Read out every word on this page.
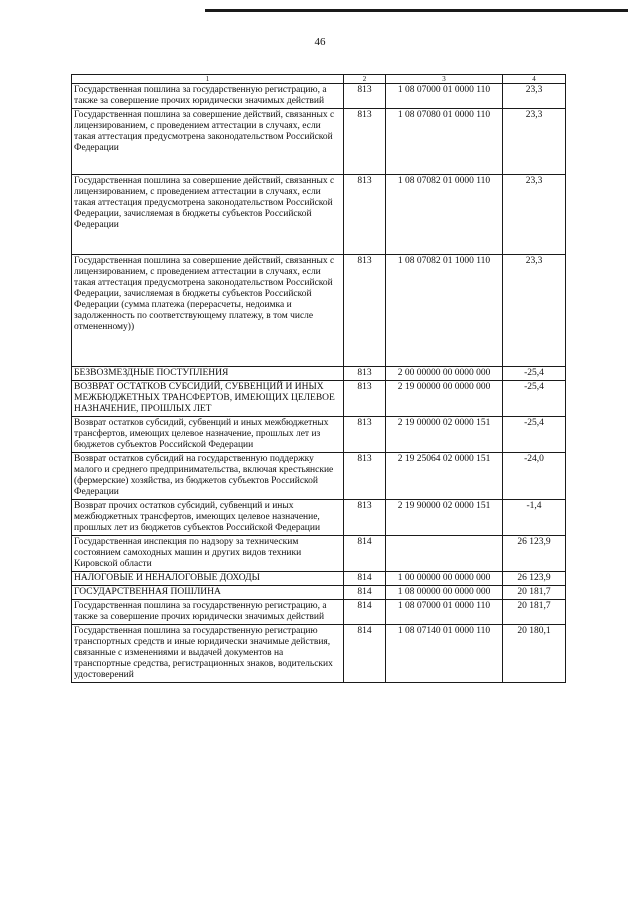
46
1	2	3	4
Государственная пошлина за государственную регистрацию, а также за совершение прочих юридически значимых действий	813	1 08 07000 01 0000 110	23,3
Государственная пошлина за совершение действий, связанных с лицензированием, с проведением аттестации в случаях, если такая аттестация предусмотрена законодательством Российской Федерации	813	1 08 07080 01 0000 110	23,3
Государственная пошлина за совершение действий, связанных с лицензированием, с проведением аттестации в случаях, если такая аттестация предусмотрена законодательством Российской Федерации, зачисляемая в бюджеты субъектов Российской Федерации	813	1 08 07082 01 0000 110	23,3
Государственная пошлина за совершение действий, связанных с лицензированием, с проведением аттестации в случаях, если такая аттестация предусмотрена законодательством Российской Федерации, зачисляемая в бюджеты субъектов Российской Федерации (сумма платежа (перерасчеты, недоимка и задолженность по соответствующему платежу, в том числе отмененному))	813	1 08 07082 01 1000 110	23,3
БЕЗВОЗМЕЗДНЫЕ ПОСТУПЛЕНИЯ	813	2 00 00000 00 0000 000	-25,4
ВОЗВРАТ ОСТАТКОВ СУБСИДИЙ, СУБВЕНЦИЙ И ИНЫХ МЕЖБЮДЖЕТНЫХ ТРАНСФЕРТОВ, ИМЕЮЩИХ ЦЕЛЕВОЕ НАЗНАЧЕНИЕ, ПРОШЛЫХ ЛЕТ	813	2 19 00000 00 0000 000	-25,4
Возврат остатков субсидий, субвенций и иных межбюджетных трансфертов, имеющих целевое назначение, прошлых лет из бюджетов субъектов Российской Федерации	813	2 19 00000 02 0000 151	-25,4
Возврат остатков субсидий на государственную поддержку малого и среднего предпринимательства, включая крестьянские (фермерские) хозяйства, из бюджетов субъектов Российской Федерации	813	2 19 25064 02 0000 151	-24,0
Возврат прочих остатков субсидий, субвенций и иных межбюджетных трансфертов, имеющих целевое назначение, прошлых лет из бюджетов субъектов Российской Федерации	813	2 19 90000 02 0000 151	-1,4
Государственная инспекция по надзору за техническим состоянием самоходных машин и других видов техники Кировской области	814		26 123,9
НАЛОГОВЫЕ И НЕНАЛОГОВЫЕ ДОХОДЫ	814	1 00 00000 00 0000 000	26 123,9
ГОСУДАРСТВЕННАЯ ПОШЛИНА	814	1 08 00000 00 0000 000	20 181,7
Государственная пошлина за государственную регистрацию, а также за совершение прочих юридически значимых действий	814	1 08 07000 01 0000 110	20 181,7
Государственная пошлина за государственную регистрацию транспортных средств и иные юридически значимые действия, связанные с изменениями и выдачей документов на транспортные средства, регистрационных знаков, водительских удостоверений	814	1 08 07140 01 0000 110	20 180,1
